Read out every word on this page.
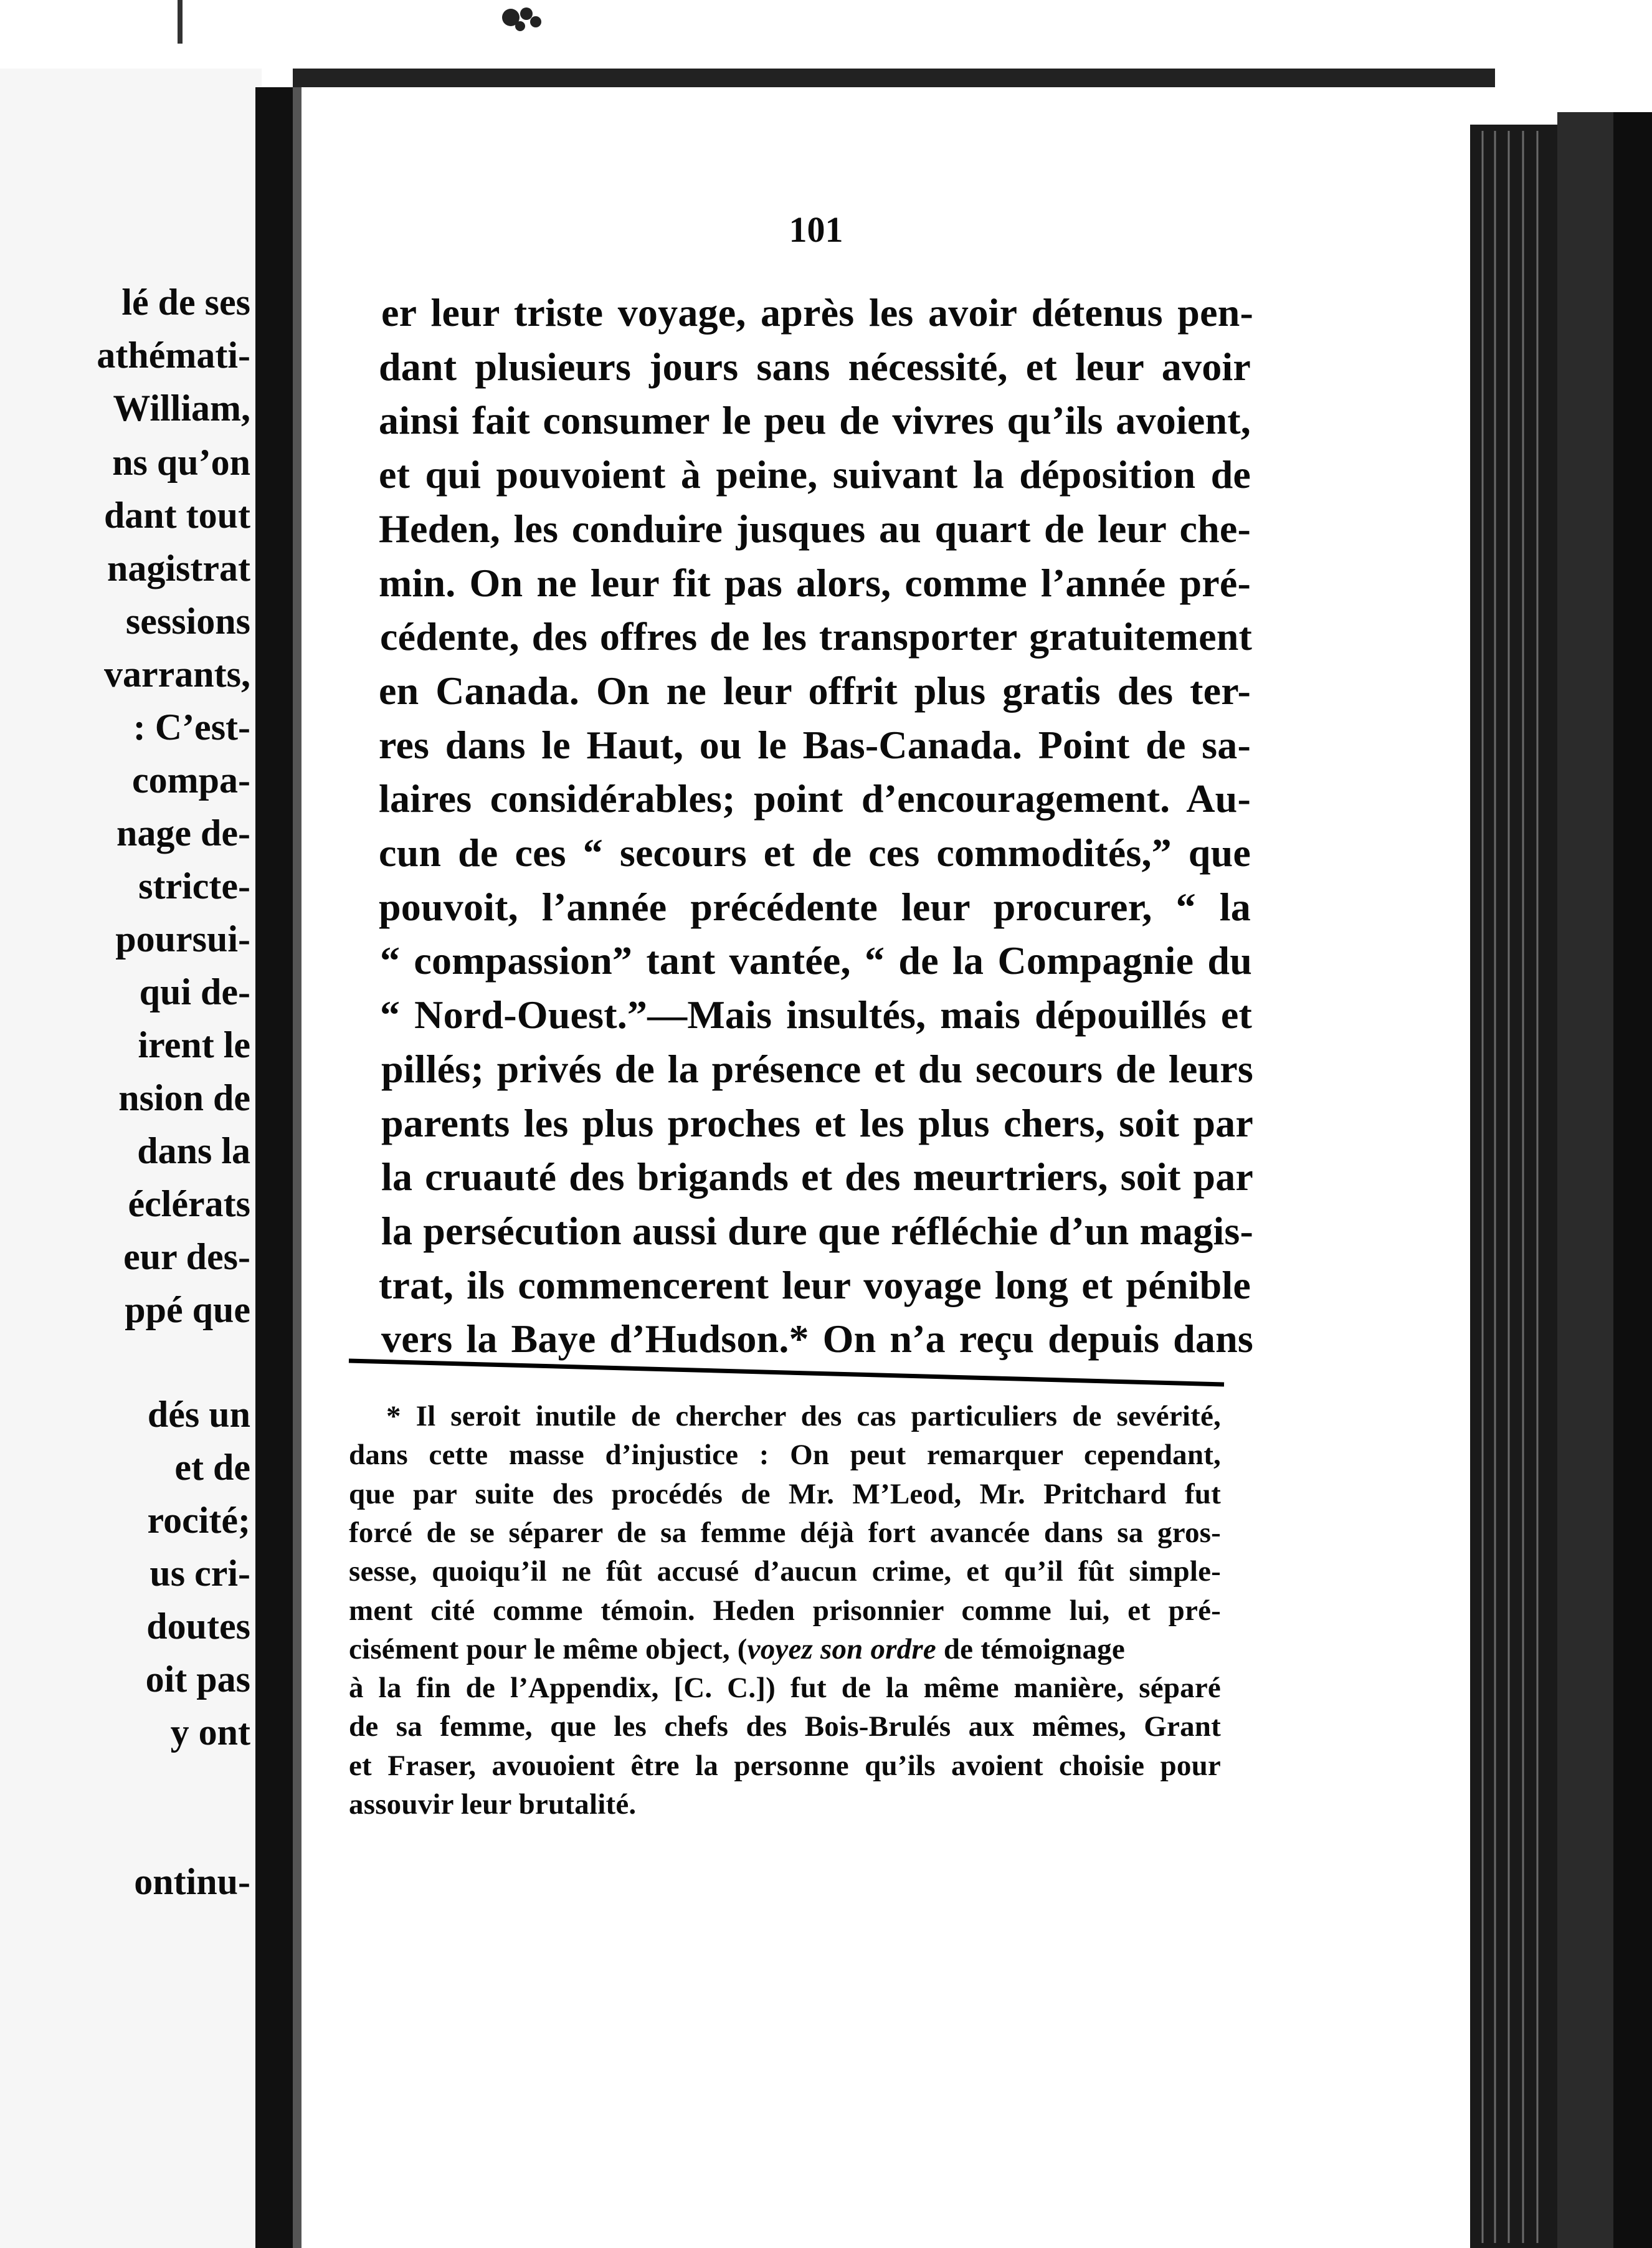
lé de ses
athémati-
William,
ns qu’on
dant tout
nagistrat
sessions
varrants,
: C’est-
compa-
nage de-
stricte-
poursui-
qui de-
irent le
nsion de
dans la
éclérats
eur des-
ppé que
dés un
et de
rocité;
us cri-
doutes
oit pas
y ont
ontinu-
101
er leur triste voyage, après les avoir détenus pen-
dant plusieurs jours sans nécessité, et leur avoir
ainsi fait consumer le peu de vivres qu’ils avoient,
et qui pouvoient à peine, suivant la déposition de
Heden, les conduire jusques au quart de leur che-
min. On ne leur fit pas alors, comme l’année pré-
cédente, des offres de les transporter gratuitement
en Canada. On ne leur offrit plus gratis des ter-
res dans le Haut, ou le Bas-Canada. Point de sa-
laires considérables; point d’encouragement. Au-
cun de ces “ secours et de ces commodités,” que
pouvoit, l’année précédente leur procurer, “ la
“ compassion” tant vantée, “ de la Compagnie du
“ Nord-Ouest.”—Mais insultés, mais dépouillés et
pillés; privés de la présence et du secours de leurs
parents les plus proches et les plus chers, soit par
la cruauté des brigands et des meurtriers, soit par
la persécution aussi dure que réfléchie d’un magis-
trat, ils commencerent leur voyage long et pénible
vers la Baye d’Hudson.* On n’a reçu depuis dans
* Il seroit inutile de chercher des cas particuliers de sevérité,
dans cette masse d’injustice : On peut remarquer cependant,
que par suite des procédés de Mr. M’Leod, Mr. Pritchard fut
forcé de se séparer de sa femme déjà fort avancée dans sa gros-
sesse, quoiqu’il ne fût accusé d’aucun crime, et qu’il fût simple-
ment cité comme témoin. Heden prisonnier comme lui, et pré-
cisément pour le même object, (voyez son ordre de témoignage
à la fin de l’Appendix, [C. C.]) fut de la même manière, séparé
de sa femme, que les chefs des Bois-Brulés aux mêmes, Grant
et Fraser, avouoient être la personne qu’ils avoient choisie pour
assouvir leur brutalité.
